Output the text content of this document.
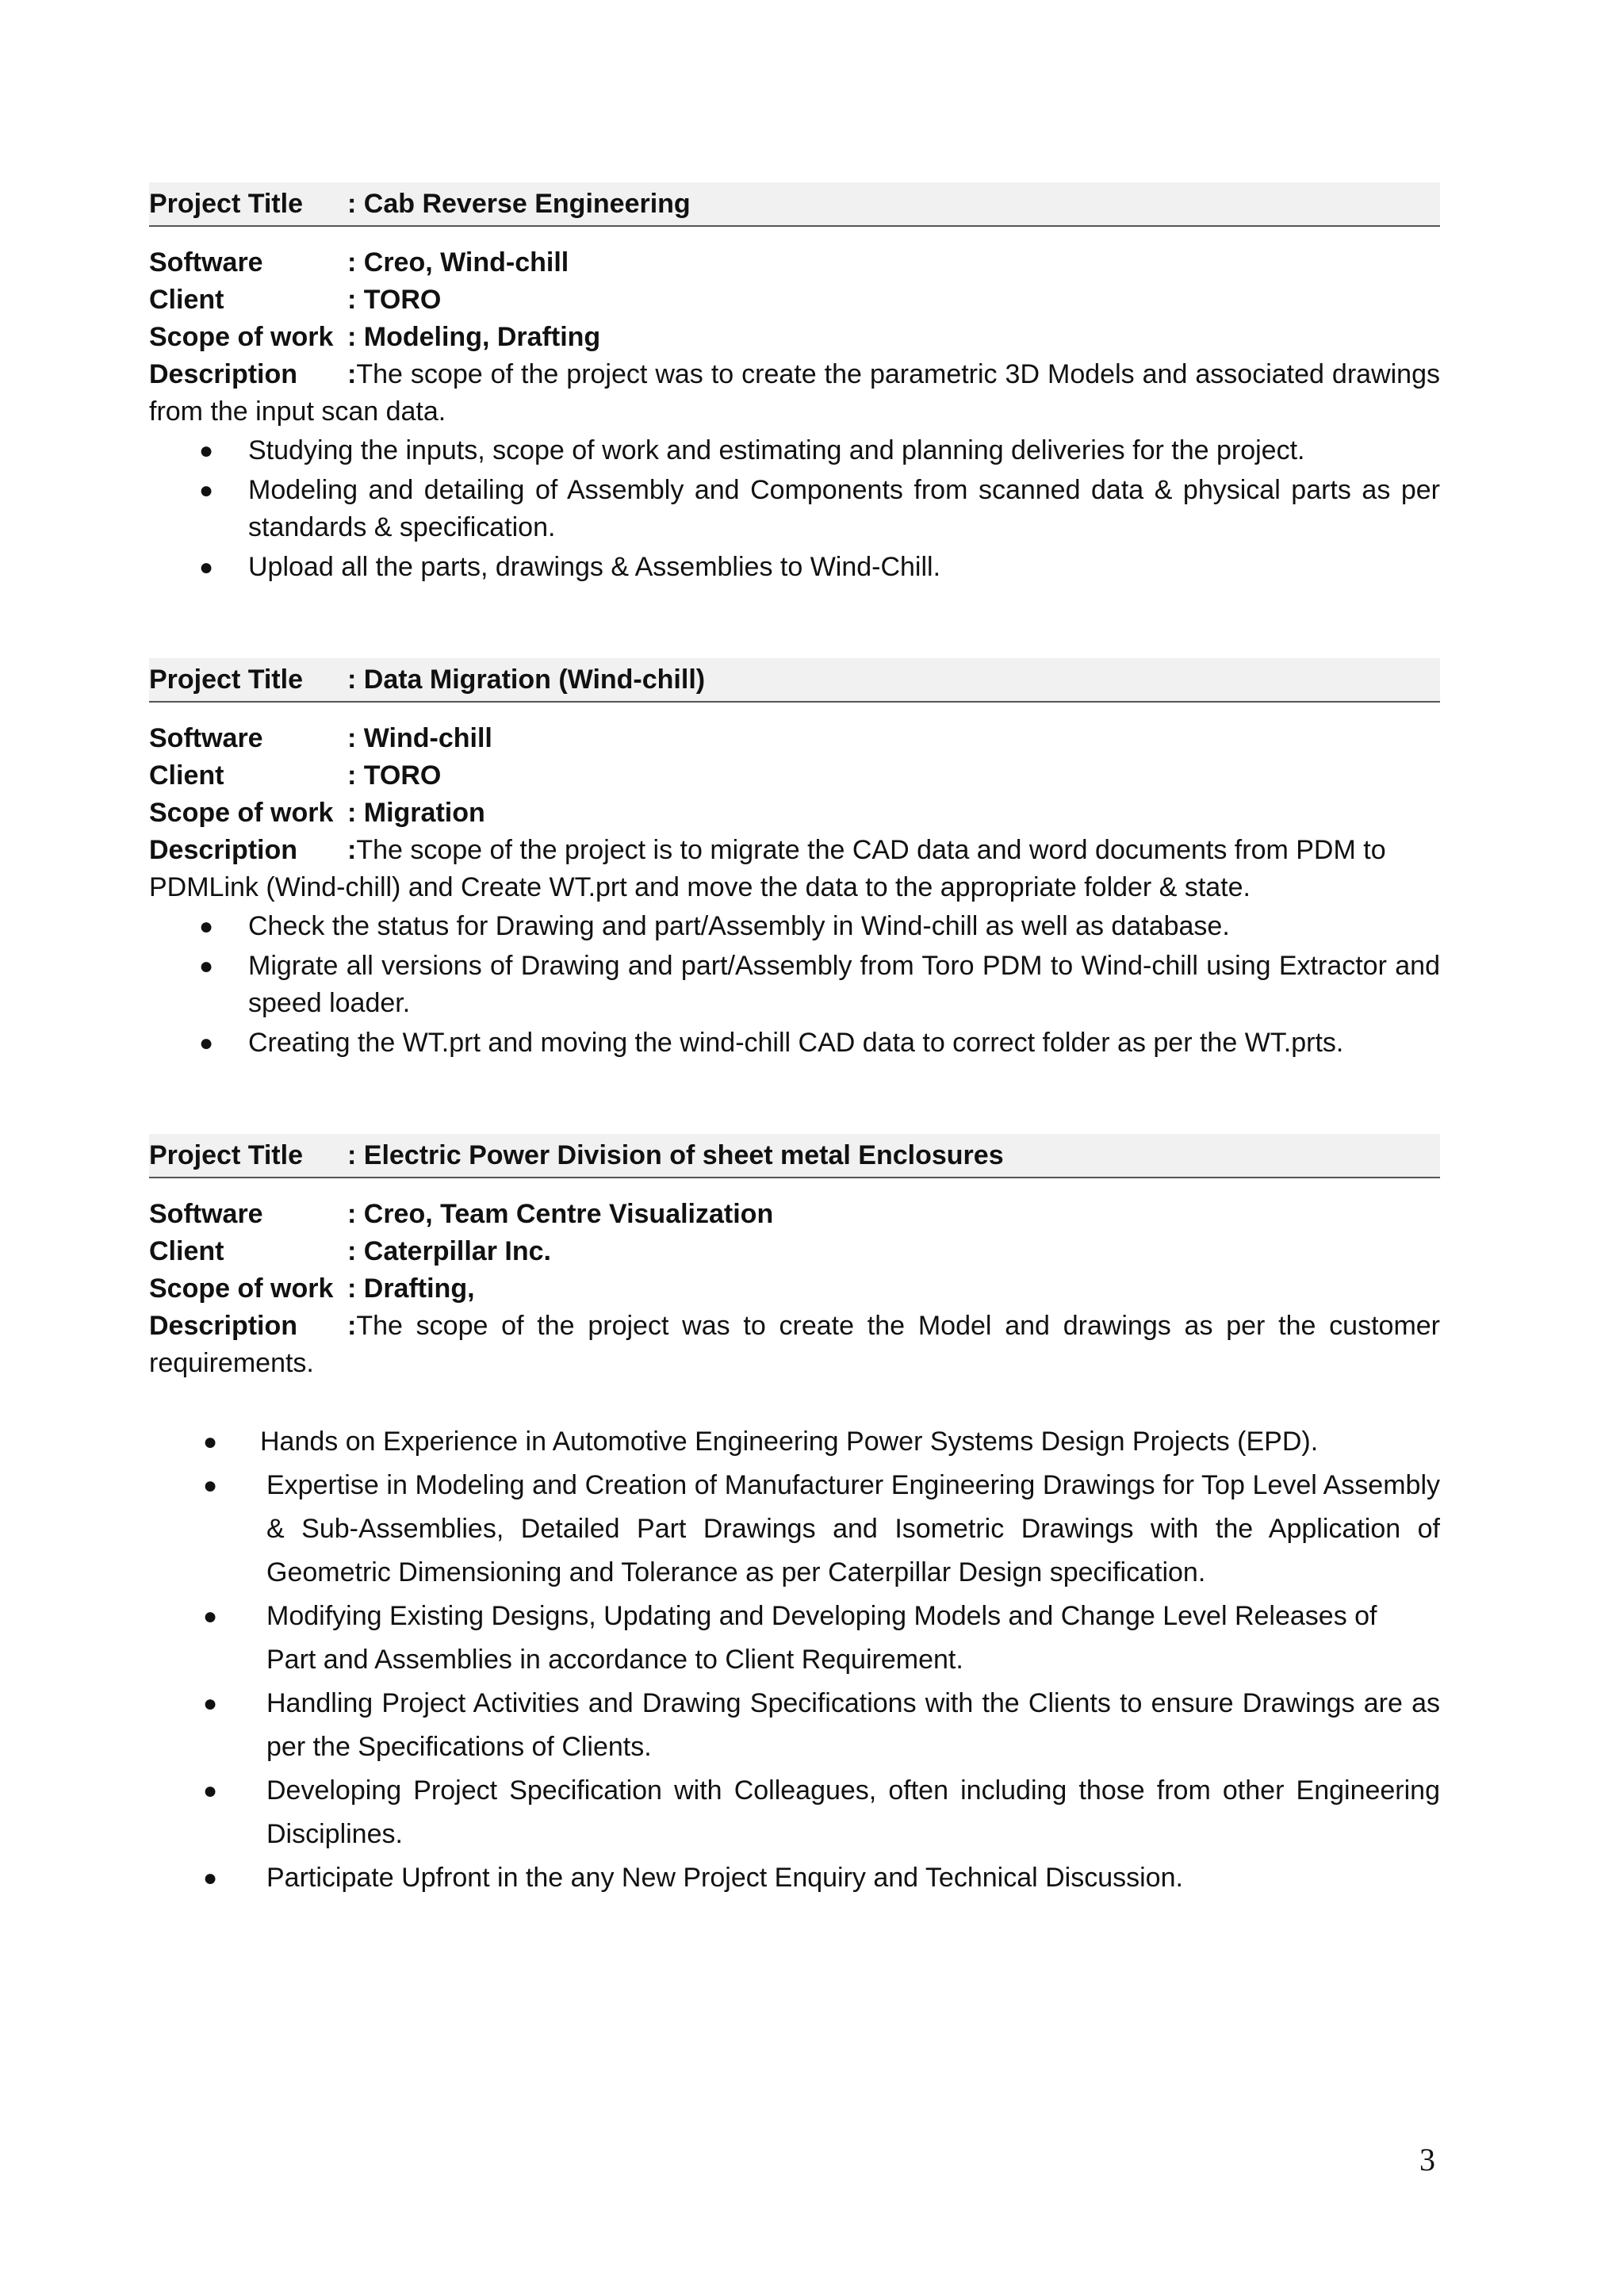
Project Title	: Cab Reverse Engineering
Software	: Creo, Wind-chill
Client	: TORO
Scope of work : Modeling, Drafting
Description :The scope of the project was to create the parametric 3D Models and associated drawings from the input scan data.
● Studying the inputs, scope of work and estimating and planning deliveries for the project.
● Modeling and detailing of Assembly and Components from scanned data & physical parts as per standards & specification.
● Upload all the parts, drawings & Assemblies to Wind-Chill.
Project Title	: Data Migration (Wind-chill)
Software	: Wind-chill
Client	: TORO
Scope of work : Migration
Description :The scope of the project is to migrate the CAD data and word documents from PDM to PDMLink (Wind-chill) and Create WT.prt and move the data to the appropriate folder & state.
● Check the status for Drawing and part/Assembly in Wind-chill as well as database.
● Migrate all versions of Drawing and part/Assembly from Toro PDM to Wind-chill using Extractor and speed loader.
● Creating the WT.prt and moving the wind-chill CAD data to correct folder as per the WT.prts.
Project Title	: Electric Power Division of sheet metal Enclosures
Software	: Creo, Team Centre Visualization
Client	: Caterpillar Inc.
Scope of work : Drafting,
Description :The scope of the project was to create the Model and drawings as per the customer requirements.
● Hands on Experience in Automotive Engineering Power Systems Design Projects (EPD).
● Expertise in Modeling and Creation of Manufacturer Engineering Drawings for Top Level Assembly & Sub-Assemblies, Detailed Part Drawings and Isometric Drawings with the Application of Geometric Dimensioning and Tolerance as per Caterpillar Design specification.
● Modifying Existing Designs, Updating and Developing Models and Change Level Releases of Part and Assemblies in accordance to Client Requirement.
● Handling Project Activities and Drawing Specifications with the Clients to ensure Drawings are as per the Specifications of Clients.
● Developing Project Specification with Colleagues, often including those from other Engineering Disciplines.
● Participate Upfront in the any New Project Enquiry and Technical Discussion.
3
